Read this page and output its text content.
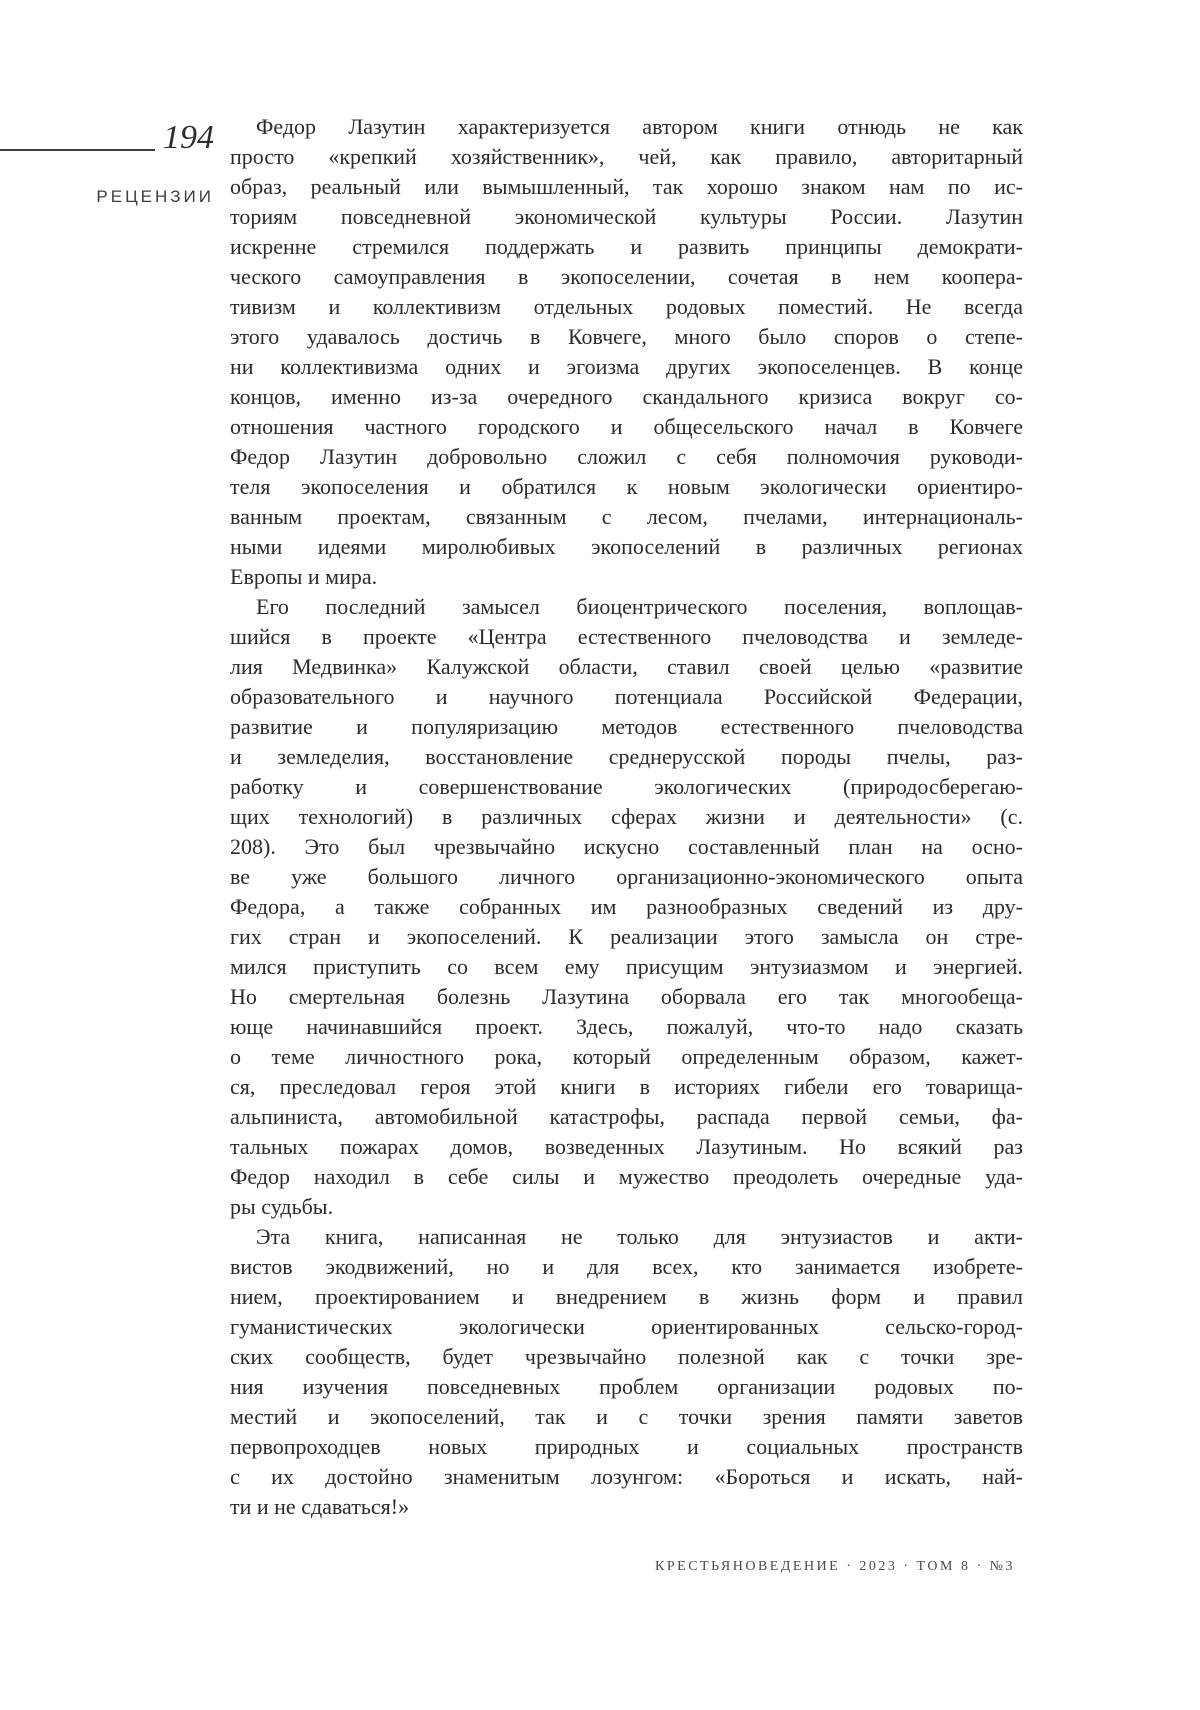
194
РЕЦЕНЗИИ
Федор Лазутин характеризуется автором книги отнюдь не как
просто «крепкий хозяйственник», чей, как правило, авторитарный
образ, реальный или вымышленный, так хорошо знаком нам по ис-
ториям повседневной экономической культуры России. Лазутин
искренне стремился поддержать и развить принципы демократи-
ческого самоуправления в экопоселении, сочетая в нем коопера-
тивизм и коллективизм отдельных родовых поместий. Не всегда
этого удавалось достичь в Ковчеге, много было споров о степе-
ни коллективизма одних и эгоизма других экопоселенцев. В конце
концов, именно из-за очередного скандального кризиса вокруг со-
отношения частного городского и общесельского начал в Ковчеге
Федор Лазутин добровольно сложил с себя полномочия руководи-
теля экопоселения и обратился к новым экологически ориентиро-
ванным проектам, связанным с лесом, пчелами, интернациональ-
ными идеями миролюбивых экопоселений в различных регионах
Европы и мира.
Его последний замысел биоцентрического поселения, воплощав-
шийся в проекте «Центра естественного пчеловодства и земледе-
лия Медвинка» Калужской области, ставил своей целью «развитие
образовательного и научного потенциала Российской Федерации,
развитие и популяризацию методов естественного пчеловодства
и земледелия, восстановление среднерусской породы пчелы, раз-
работку и совершенствование экологических (природосберегаю-
щих технологий) в различных сферах жизни и деятельности» (с.
208). Это был чрезвычайно искусно составленный план на осно-
ве уже большого личного организационно-экономического опыта
Федора, а также собранных им разнообразных сведений из дру-
гих стран и экопоселений. К реализации этого замысла он стре-
мился приступить со всем ему присущим энтузиазмом и энергией.
Но смертельная болезнь Лазутина оборвала его так многообеща-
юще начинавшийся проект. Здесь, пожалуй, что-то надо сказать
о теме личностного рока, который определенным образом, кажет-
ся, преследовал героя этой книги в историях гибели его товарища-
альпиниста, автомобильной катастрофы, распада первой семьи, фа-
тальных пожарах домов, возведенных Лазутиным. Но всякий раз
Федор находил в себе силы и мужество преодолеть очередные уда-
ры судьбы.
Эта книга, написанная не только для энтузиастов и акти-
вистов экодвижений, но и для всех, кто занимается изобрете-
нием, проектированием и внедрением в жизнь форм и правил
гуманистических экологически ориентированных сельско-город-
ских сообществ, будет чрезвычайно полезной как с точки зре-
ния изучения повседневных проблем организации родовых по-
местий и экопоселений, так и с точки зрения памяти заветов
первопроходцев новых природных и социальных пространств
с их достойно знаменитым лозунгом: «Бороться и искать, най-
ти и не сдаваться!»
КРЕСТЬЯНОВЕДЕНИЕ · 2023 · ТОМ 8 · №3
